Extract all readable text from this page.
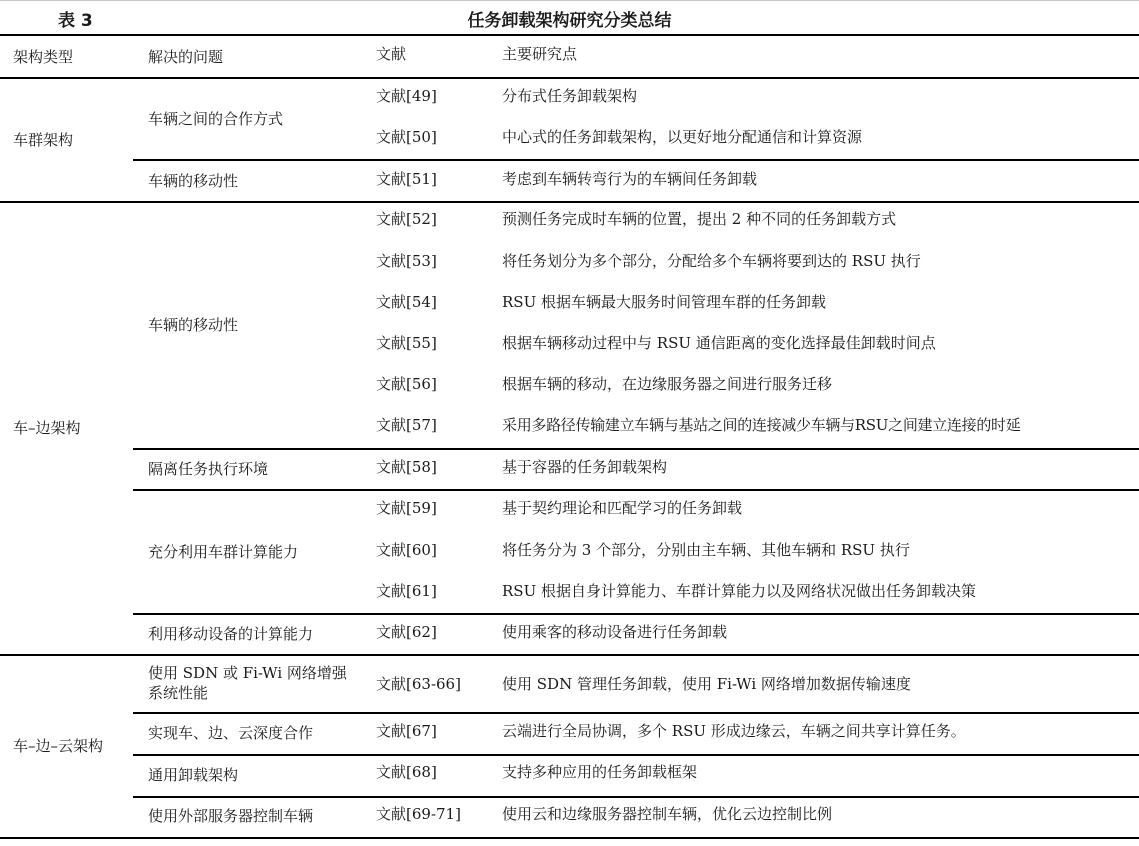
表 3	任务卸载架构研究分类总结
架构类型	解决的问题	文献	主要研究点
车群架构
车辆之间的合作方式
文献[49]	分布式任务卸载架构
文献[50]	中心式的任务卸载架构，以更好地分配通信和计算资源
车辆的移动性	文献[51]	考虑到车辆转弯行为的车辆间任务卸载
车–边架构
车辆的移动性
文献[52]	预测任务完成时车辆的位置，提出 2 种不同的任务卸载方式
文献[53]	将任务划分为多个部分，分配给多个车辆将要到达的 RSU 执行
文献[54]	RSU 根据车辆最大服务时间管理车群的任务卸载
文献[55]	根据车辆移动过程中与 RSU 通信距离的变化选择最佳卸载时间点
文献[56]	根据车辆的移动，在边缘服务器之间进行服务迁移
文献[57]	采用多路径传输建立车辆与基站之间的连接减少车辆与RSU之间建立连接的时延
隔离任务执行环境	文献[58]	基于容器的任务卸载架构
充分利用车群计算能力
文献[59]	基于契约理论和匹配学习的任务卸载
文献[60]	将任务分为 3 个部分，分别由主车辆、其他车辆和 RSU 执行
文献[61]	RSU 根据自身计算能力、车群计算能力以及网络状况做出任务卸载决策
利用移动设备的计算能力	文献[62]	使用乘客的移动设备进行任务卸载
车–边–云架构
使用 SDN 或 Fi-Wi 网络增强系统性能	文献[63-66]	使用 SDN 管理任务卸载，使用 Fi-Wi 网络增加数据传输速度
实现车、边、云深度合作	文献[67]	云端进行全局协调，多个 RSU 形成边缘云，车辆之间共享计算任务。
通用卸载架构	文献[68]	支持多种应用的任务卸载框架
使用外部服务器控制车辆	文献[69-71]	使用云和边缘服务器控制车辆，优化云边控制比例
